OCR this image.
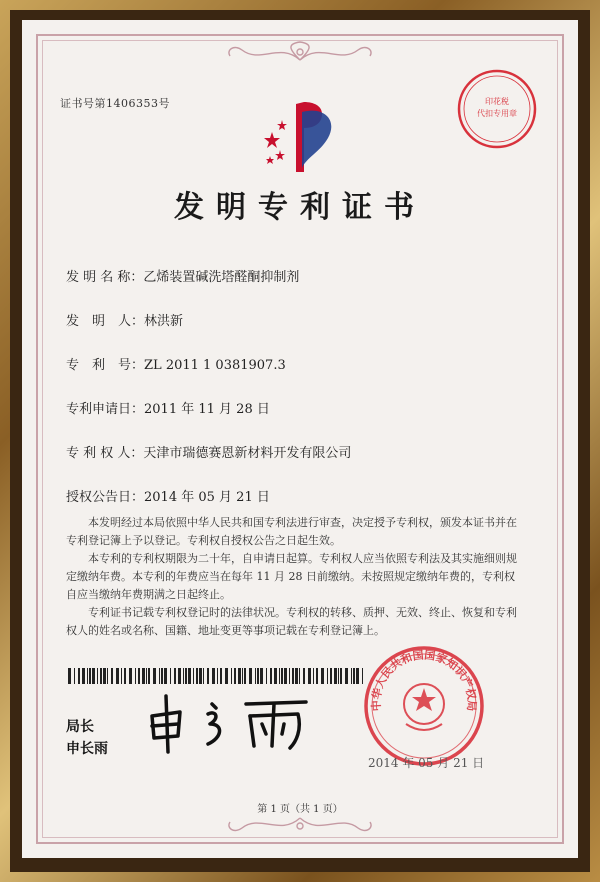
证书号第1406353号	印花税
代扣专用章
发明专利证书
发 明 名 称：乙烯装置碱洗塔醛酮抑制剂
发　明　人：林洪新
专　利　号：ZL 2011 1 0381907.3
专利申请日：2011 年 11 月 28 日
专 利 权 人：天津市瑞德赛恩新材料开发有限公司
授权公告日：2014 年 05 月 21 日

本发明经过本局依照中华人民共和国专利法进行审查，决定授予专利权，颁发本证书并在专利登记簿上予以登记。专利权自授权公告之日起生效。

本专利的专利权期限为二十年，自申请日起算。专利权人应当依照专利法及其实施细则规定缴纳年费。本专利的年费应当在每年 11 月 28 日前缴纳。未按照规定缴纳年费的，专利权自应当缴纳年费期满之日起终止。

专利证书记载专利权登记时的法律状况。专利权的转移、质押、无效、终止、恢复和专利权人的姓名或名称、国籍、地址变更等事项记载在专利登记簿上。

局长
申长雨
中华人民共和国国家知识产权局
2014 年 05 月 21 日
第 1 页（共 1 页）
